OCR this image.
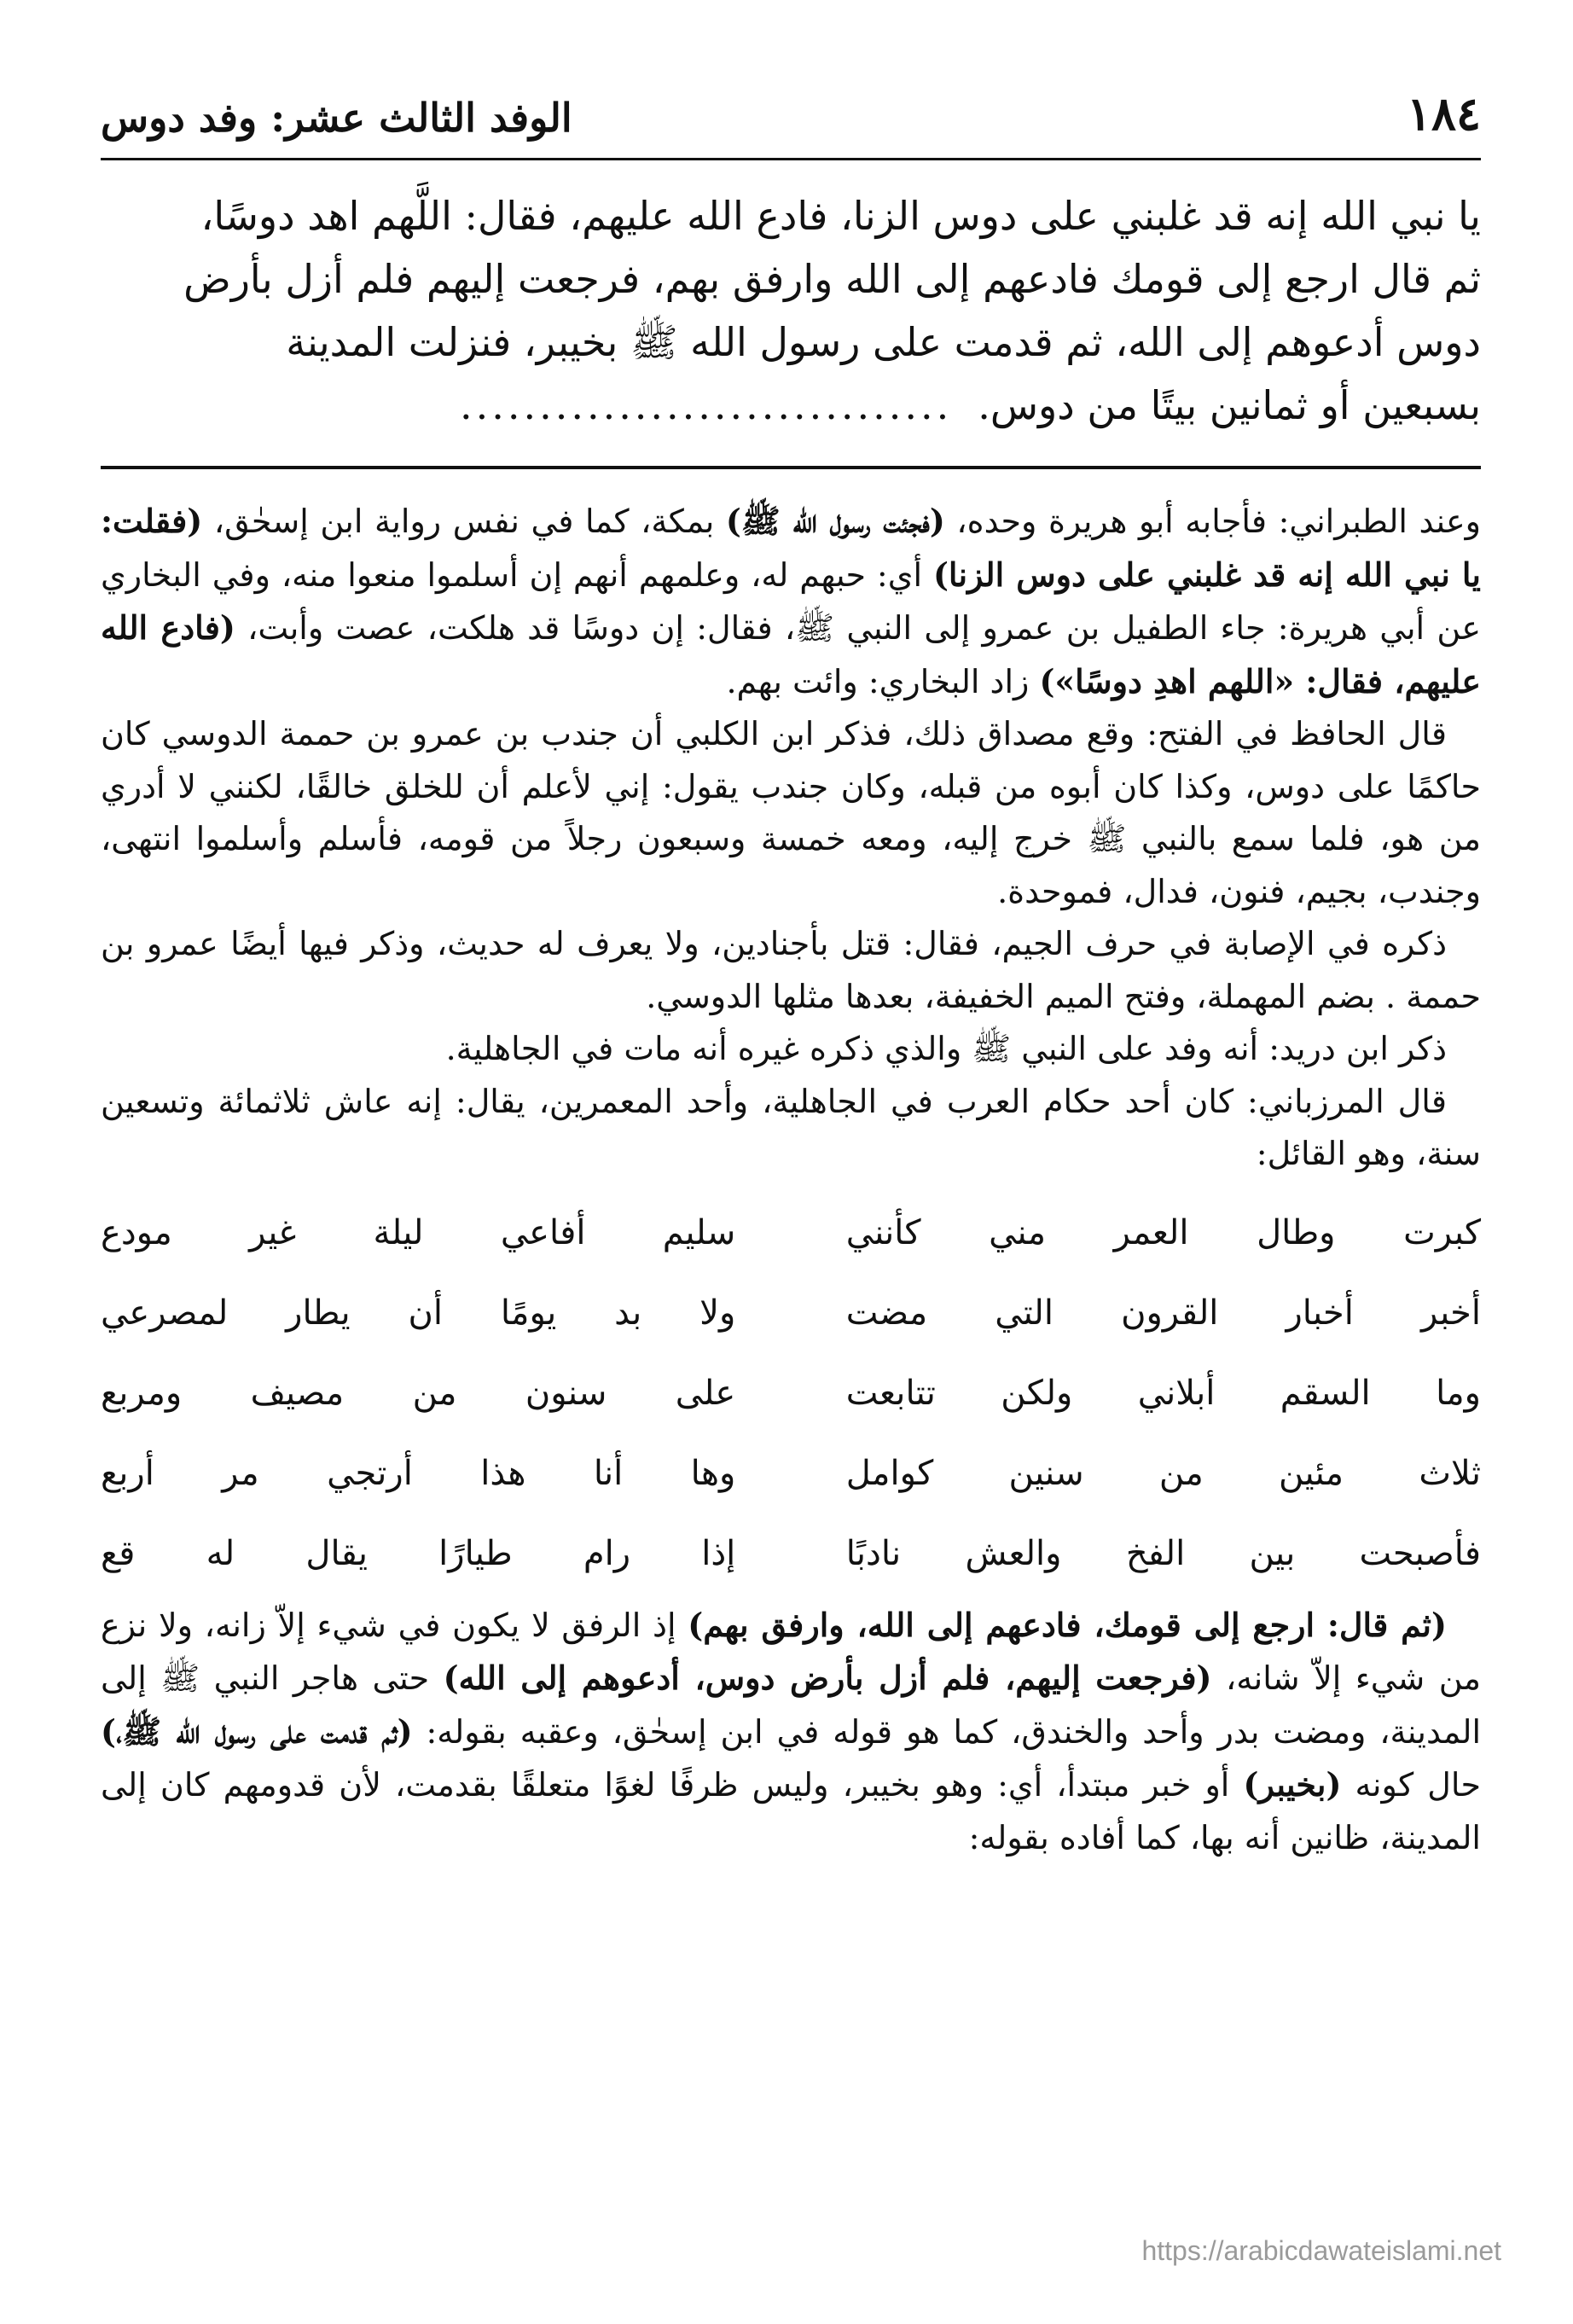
١٨٤
الوفد الثالث عشر: وفد دوس

يا نبي الله إنه قد غلبني على دوس الزنا، فادع الله عليهم، فقال: اللَّهم اهد دوسًا،

ثم قال ارجع إلى قومك فادعهم إلى الله وارفق بهم، فرجعت إليهم فلم أزل بأرض

دوس أدعوهم إلى الله، ثم قدمت على رسول الله ﷺ بخيبر، فنزلت المدينة

بسبعين أو ثمانين بيتًا من دوس................................

وعند الطبراني: فأجابه أبو هريرة وحده، (فجئت رسول الله ﷺ) بمكة، كما في نفس رواية ابن إسحٰق، (فقلت: يا نبي الله إنه قد غلبني على دوس الزنا) أي: حبهم له، وعلمهم أنهم إن أسلموا منعوا منه، وفي البخاري عن أبي هريرة: جاء الطفيل بن عمرو إلى النبي ﷺ، فقال: إن دوسًا قد هلكت، عصت وأبت، (فادع الله عليهم، فقال: «اللهم اهدِ دوسًا») زاد البخاري: وائت بهم.

قال الحافظ في الفتح: وقع مصداق ذلك، فذكر ابن الكلبي أن جندب بن عمرو بن حممة الدوسي كان حاكمًا على دوس، وكذا كان أبوه من قبله، وكان جندب يقول: إني لأعلم أن للخلق خالقًا، لكنني لا أدري من هو، فلما سمع بالنبي ﷺ خرج إليه، ومعه خمسة وسبعون رجلاً من قومه، فأسلم وأسلموا انتهى، وجندب، بجيم، فنون، فدال، فموحدة.

ذكره في الإصابة في حرف الجيم، فقال: قتل بأجنادين، ولا يعرف له حديث، وذكر فيها أيضًا عمرو بن حممة . بضم المهملة، وفتح الميم الخفيفة، بعدها مثلها الدوسي.

ذكر ابن دريد: أنه وفد على النبي ﷺ والذي ذكره غيره أنه مات في الجاهلية.

قال المرزباني: كان أحد حكام العرب في الجاهلية، وأحد المعمرين، يقال: إنه عاش ثلاثمائة وتسعين سنة، وهو القائل:

كبرت وطال العمر مني كأنني
سليم أفاعي ليلة غير مودع
أخبر أخبار القرون التي مضت
ولا بد يومًا أن يطار لمصرعي
وما السقم أبلاني ولكن تتابعت
على سنون من مصيف ومربع
ثلاث مئين من سنين كوامل
وها أنا هذا أرتجي مر أربع
فأصبحت بين الفخ والعش نادبًا
إذا رام طيارًا يقال له قع

(ثم قال: ارجع إلى قومك، فادعهم إلى الله، وارفق بهم) إذ الرفق لا يكون في شيء إلاّ زانه، ولا نزع من شيء إلاّ شانه، (فرجعت إليهم، فلم أزل بأرض دوس، أدعوهم إلى الله) حتى هاجر النبي ﷺ إلى المدينة، ومضت بدر وأحد والخندق، كما هو قوله في ابن إسحٰق، وعقبه بقوله: (ثم قدمت على رسول الله ﷺ،) حال كونه (بخيبر) أو خبر مبتدأ، أي: وهو بخيبر، وليس ظرفًا لغوًا متعلقًا بقدمت، لأن قدومهم كان إلى المدينة، ظانين أنه بها، كما أفاده بقوله:

https://arabicdawateislami.net
